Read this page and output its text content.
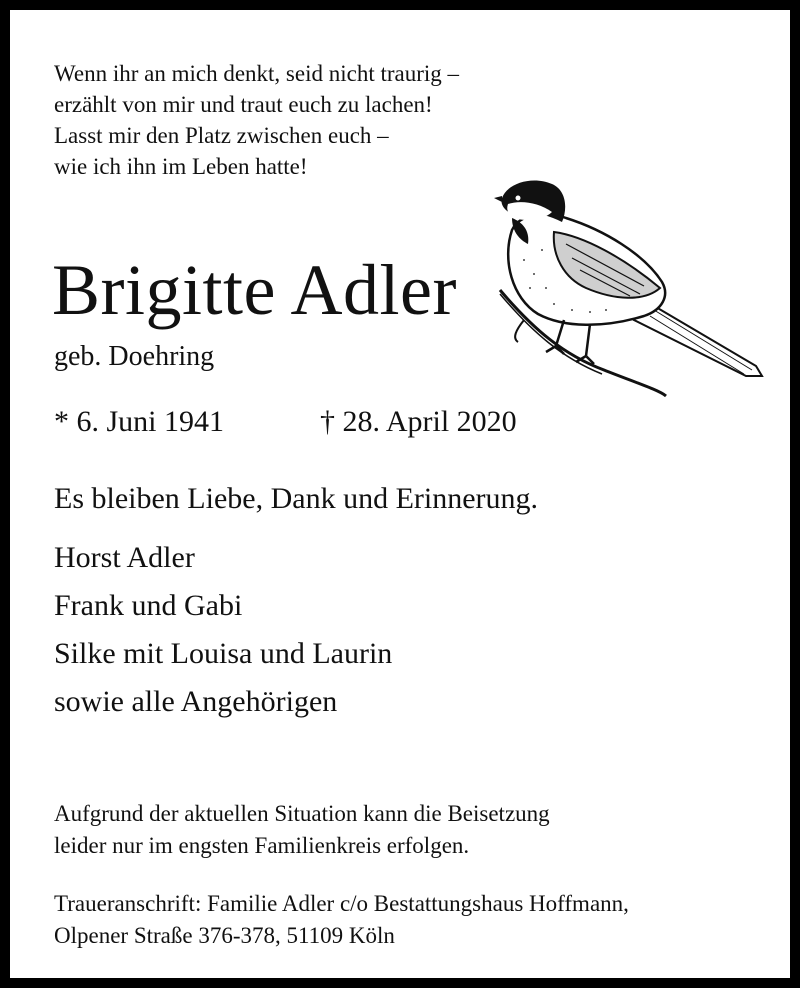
Wenn ihr an mich denkt, seid nicht traurig –
erzählt von mir und traut euch zu lachen!
Lasst mir den Platz zwischen euch –
wie ich ihn im Leben hatte!
Brigitte Adler
geb. Doehring
* 6. Juni 1941	† 28. April 2020
Es bleiben Liebe, Dank und Erinnerung.
Horst Adler
Frank und Gabi
Silke mit Louisa und Laurin
sowie alle Angehörigen
Aufgrund der aktuellen Situation kann die Beisetzung
leider nur im engsten Familienkreis erfolgen.
Traueranschrift: Familie Adler c/o Bestattungshaus Hoffmann,
Olpener Straße 376-378, 51109 Köln
